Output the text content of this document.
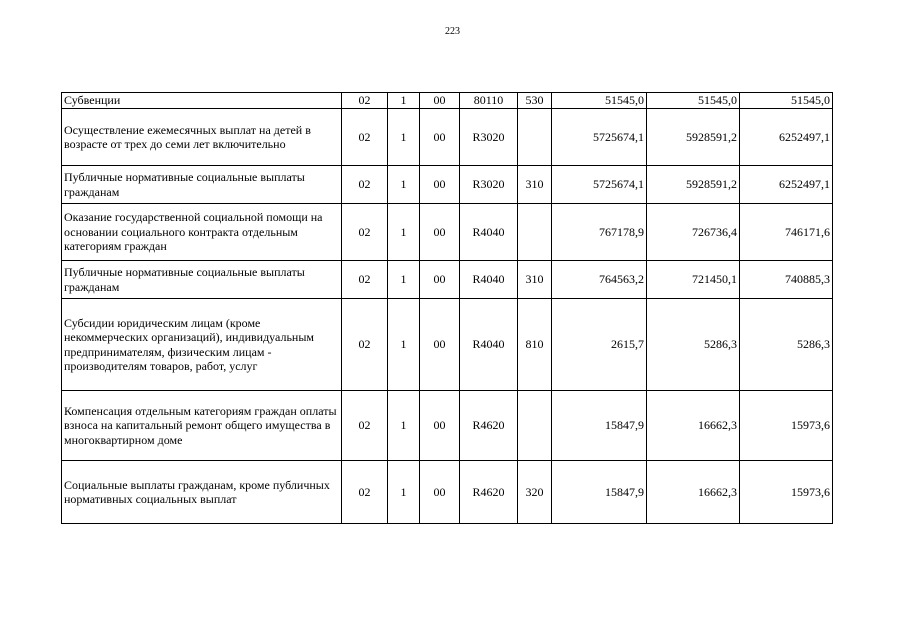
223
Субвенции	02	1	00	80110	530	51545,0	51545,0	51545,0
Осуществление ежемесячных выплат на детей в возрасте от трех до семи лет включительно	02	1	00	R3020		5725674,1	5928591,2	6252497,1
Публичные нормативные социальные выплаты гражданам	02	1	00	R3020	310	5725674,1	5928591,2	6252497,1
Оказание государственной социальной помощи на основании социального контракта отдельным категориям граждан	02	1	00	R4040		767178,9	726736,4	746171,6
Публичные нормативные социальные выплаты гражданам	02	1	00	R4040	310	764563,2	721450,1	740885,3
Субсидии юридическим лицам (кроме некоммерческих организаций), индивидуальным предпринимателям, физическим лицам - производителям товаров, работ, услуг	02	1	00	R4040	810	2615,7	5286,3	5286,3
Компенсация отдельным категориям граждан оплаты взноса на капитальный ремонт общего имущества в многоквартирном доме	02	1	00	R4620		15847,9	16662,3	15973,6
Социальные выплаты гражданам, кроме публичных нормативных социальных выплат	02	1	00	R4620	320	15847,9	16662,3	15973,6
